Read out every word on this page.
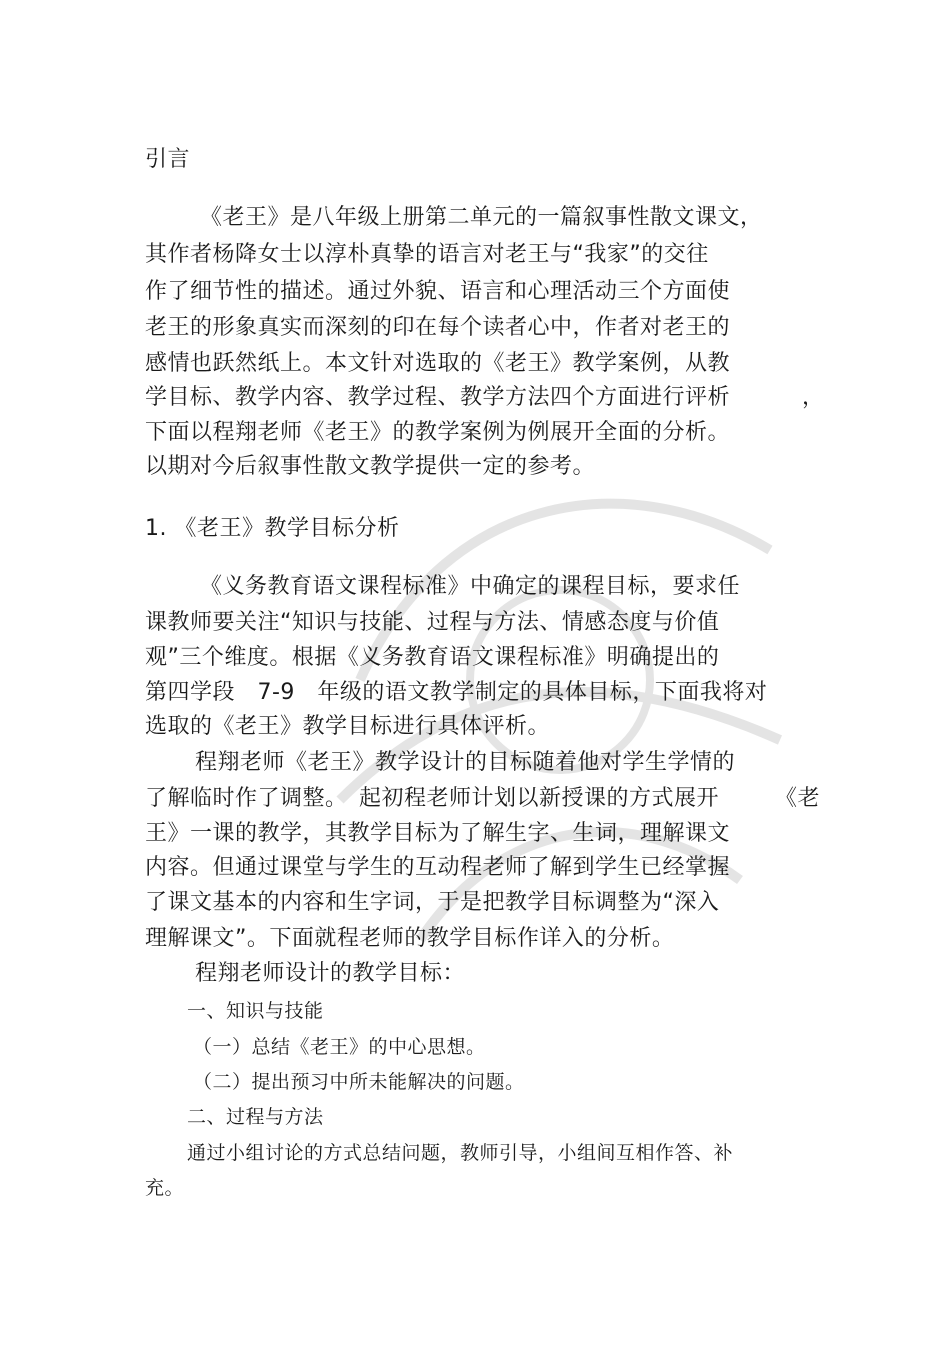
引言
《老王》是八年级上册第二单元的一篇叙事性散文课文，
其作者杨降女士以淳朴真挚的语言对老王与“我家”的交往
作了细节性的描述。通过外貌、语言和心理活动三个方面使
老王的形象真实而深刻的印在每个读者心中，作者对老王的
感情也跃然纸上。本文针对选取的《老王》教学案例，从教
学目标、教学内容、教学过程、教学方法四个方面进行评析	，
下面以程翔老师《老王》的教学案例为例展开全面的分析。
以期对今后叙事性散文教学提供一定的参考。
1. 《老王》教学目标分析
《义务教育语文课程标准》中确定的课程目标，要求任
课教师要关注“知识与技能、过程与方法、情感态度与价值
观”三个维度。根据《义务教育语文课程标准》明确提出的
第四学段　7-9　年级的语文教学制定的具体目标，下面我将对
选取的《老王》教学目标进行具体评析。
程翔老师《老王》教学设计的目标随着他对学生学情的
了解临时作了调整。　起初程老师计划以新授课的方式展开	《老
王》一课的教学，其教学目标为了解生字、生词，理解课文
内容。但通过课堂与学生的互动程老师了解到学生已经掌握
了课文基本的内容和生字词，于是把教学目标调整为“深入
理解课文”。下面就程老师的教学目标作详入的分析。
程翔老师设计的教学目标：
一、知识与技能
（一）总结《老王》的中心思想。
（二）提出预习中所未能解决的问题。
二、过程与方法
通过小组讨论的方式总结问题，教师引导，小组间互相作答、补
充。
